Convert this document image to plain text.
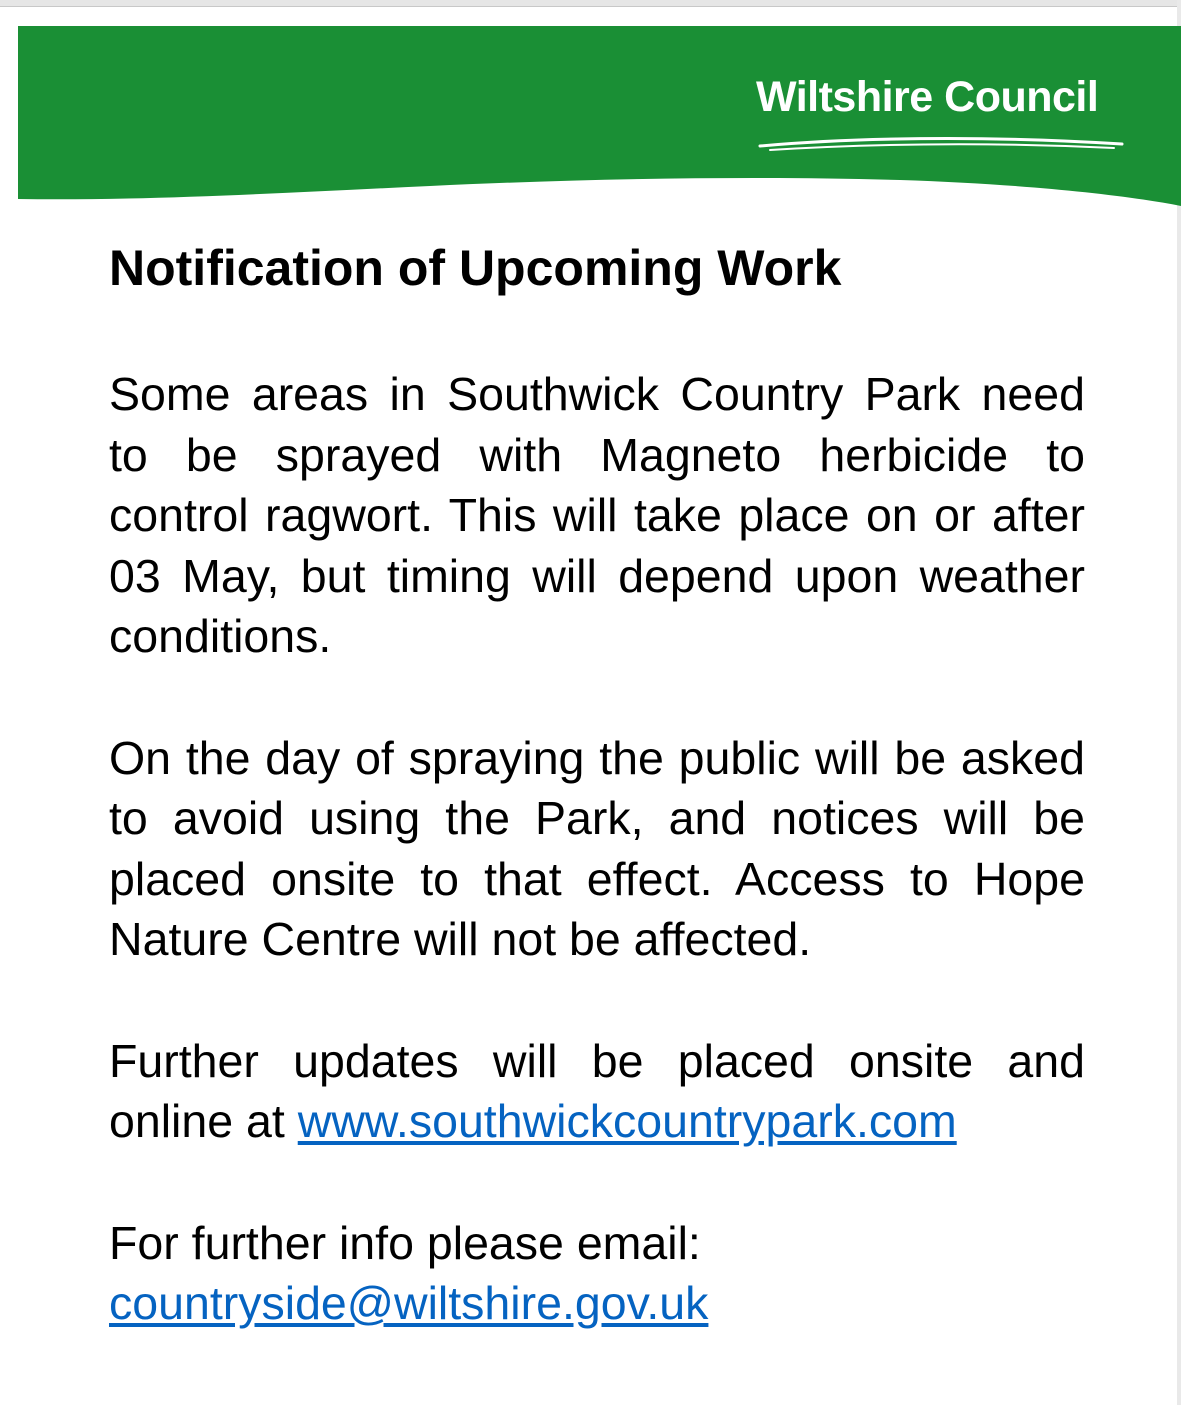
Wiltshire Council
Notification of Upcoming Work

Some areas in Southwick Country Park need to be sprayed with Magneto herbicide to control ragwort. This will take place on or after 03 May, but timing will depend upon weather conditions.

On the day of spraying the public will be asked to avoid using the Park, and notices will be placed onsite to that effect. Access to Hope Nature Centre will not be affected.

Further updates will be placed onsite and online at www.southwickcountrypark.com

For further info please email:
countryside@wiltshire.gov.uk
